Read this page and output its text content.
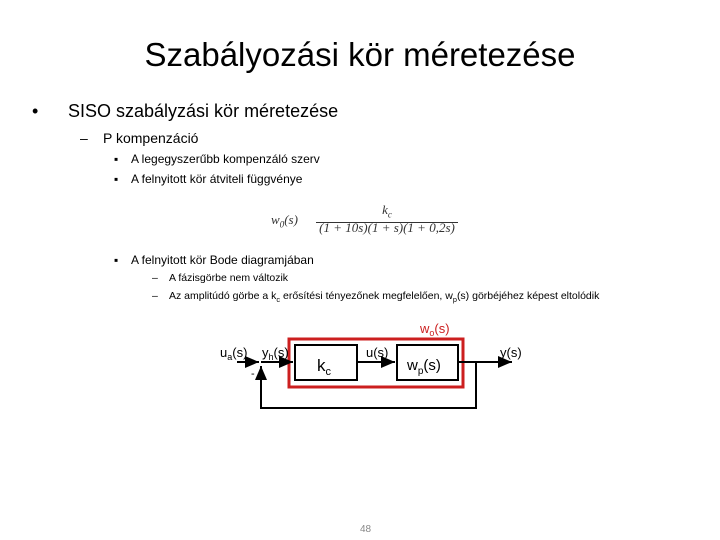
Szabályozási kör méretezése
• SISO szabályzási kör méretezése
– P kompenzáció
▪ A legegyszerűbb kompenzáló szerv
▪ A felnyitott kör átviteli függvénye
$w_0(s)$
$k_c$
(1 + 10s)(1 + s)(1 + 0,2s)
▪ A felnyitott kör Bode diagramjában
– A fázisgörbe nem változik
– Az amplitúdó görbe a $k_c$ erősítési tényezőnek megfelelően, $w_p(s)$ görbéjéhez képest eltolódik
$w_o(s)$
$u_a(s)$ $y_h(s)$
-	$k_c$
u(s)
$w_p(s)$
y(s)
48
